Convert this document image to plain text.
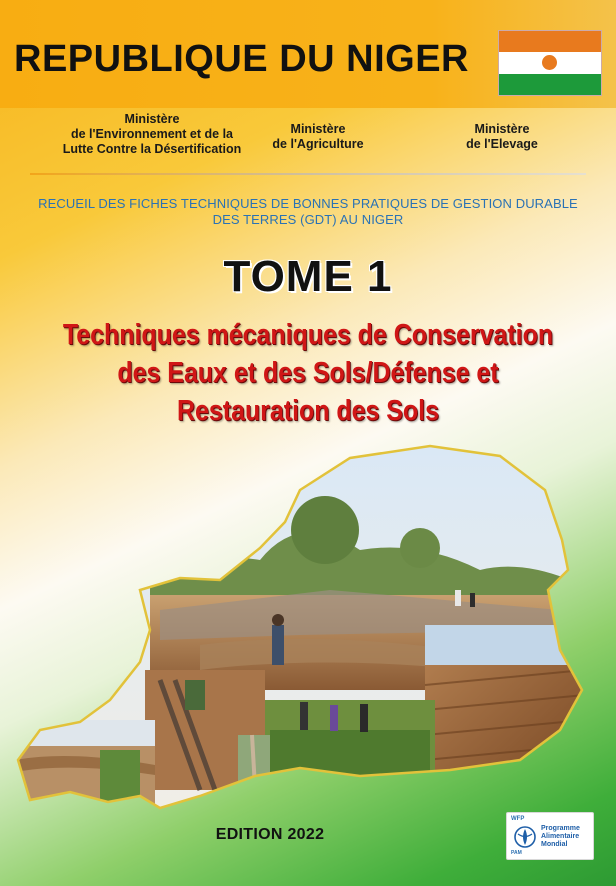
REPUBLIQUE DU NIGER
Ministère
de l'Environnement et de la
Lutte Contre la Désertification
Ministère
de l'Agriculture
Ministère
de l'Elevage
RECUEIL DES FICHES TECHNIQUES DE BONNES PRATIQUES DE GESTION DURABLE
DES TERRES (GDT) AU NIGER
TOME 1
Techniques mécaniques de Conservation
des Eaux et des Sols/Défense et
Restauration des Sols
EDITION 2022
WFP
Programme
Alimentaire
Mondial
PAM
